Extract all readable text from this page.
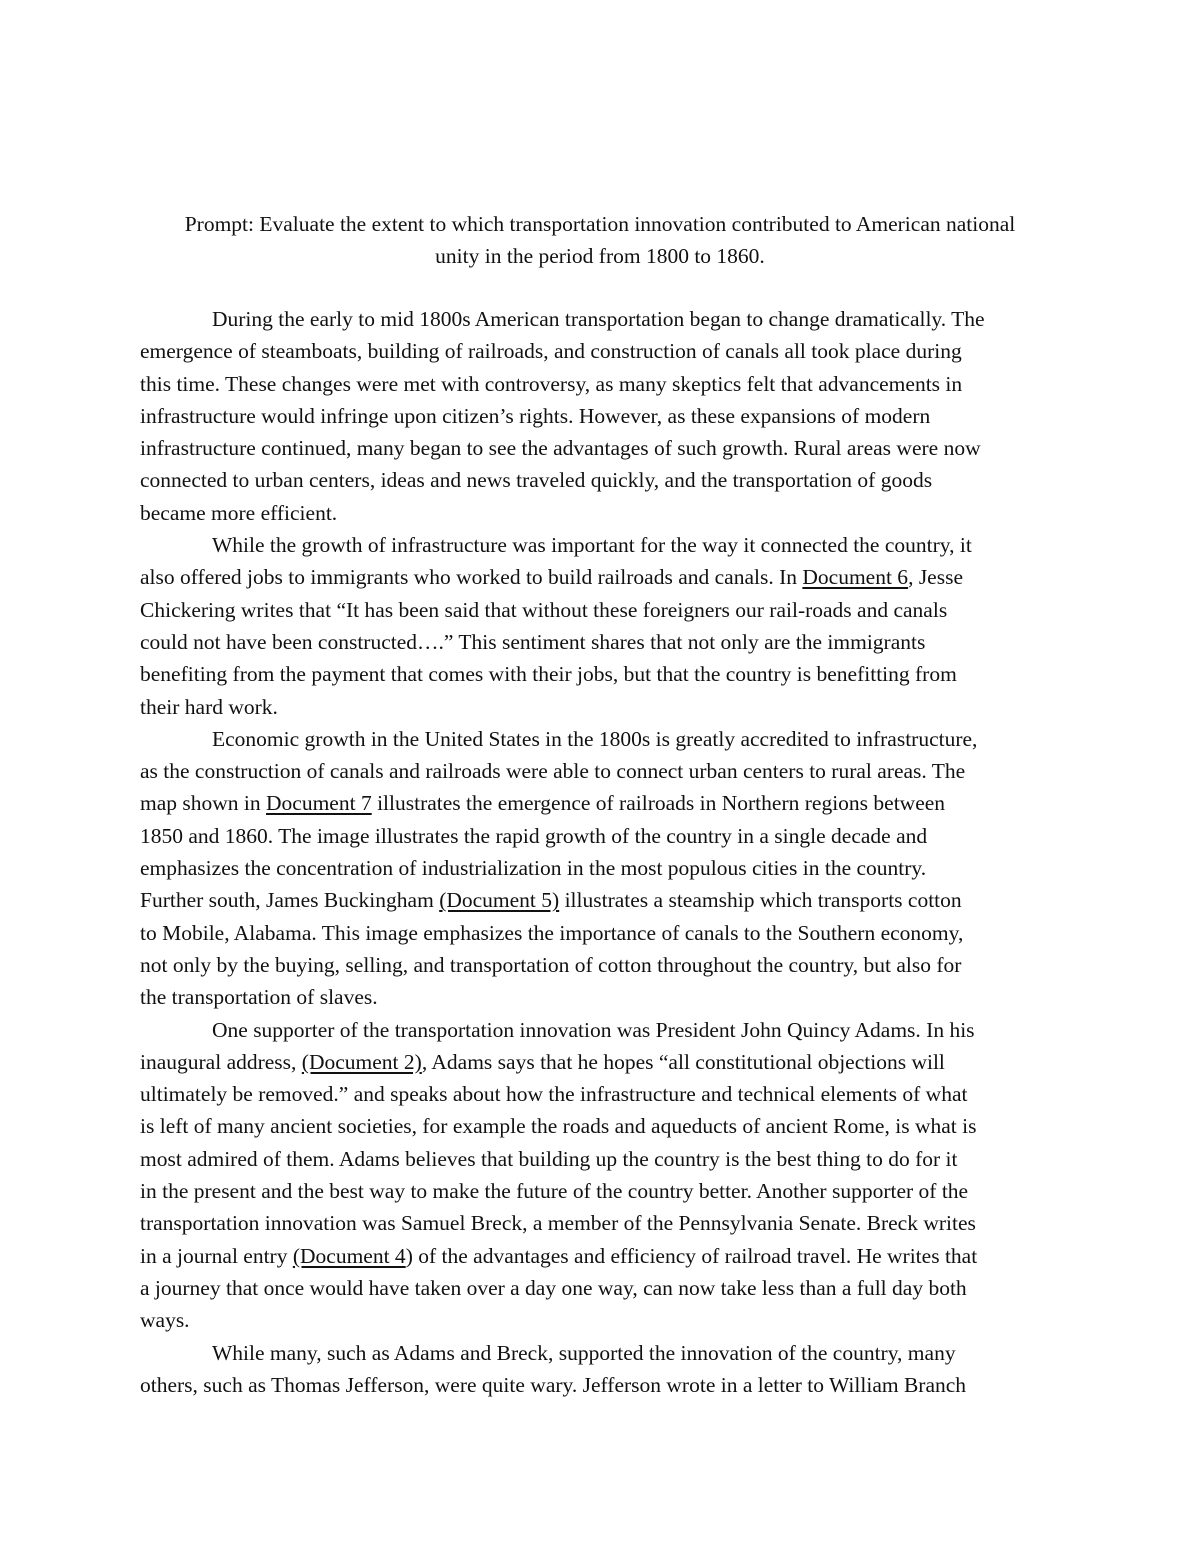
Prompt: Evaluate the extent to which transportation innovation contributed to American national
unity in the period from 1800 to 1860.
During the early to mid 1800s American transportation began to change dramatically. The
emergence of steamboats, building of railroads, and construction of canals all took place during
this time. These changes were met with controversy, as many skeptics felt that advancements in
infrastructure would infringe upon citizen’s rights. However, as these expansions of modern
infrastructure continued, many began to see the advantages of such growth. Rural areas were now
connected to urban centers, ideas and news traveled quickly, and the transportation of goods
became more efficient.
While the growth of infrastructure was important for the way it connected the country, it
also offered jobs to immigrants who worked to build railroads and canals. In Document 6, Jesse
Chickering writes that “It has been said that without these foreigners our rail-roads and canals
could not have been constructed….” This sentiment shares that not only are the immigrants
benefiting from the payment that comes with their jobs, but that the country is benefitting from
their hard work.
Economic growth in the United States in the 1800s is greatly accredited to infrastructure,
as the construction of canals and railroads were able to connect urban centers to rural areas. The
map shown in Document 7 illustrates the emergence of railroads in Northern regions between
1850 and 1860. The image illustrates the rapid growth of the country in a single decade and
emphasizes the concentration of industrialization in the most populous cities in the country.
Further south, James Buckingham (Document 5) illustrates a steamship which transports cotton
to Mobile, Alabama. This image emphasizes the importance of canals to the Southern economy,
not only by the buying, selling, and transportation of cotton throughout the country, but also for
the transportation of slaves.
One supporter of the transportation innovation was President John Quincy Adams. In his
inaugural address, (Document 2), Adams says that he hopes “all constitutional objections will
ultimately be removed.” and speaks about how the infrastructure and technical elements of what
is left of many ancient societies, for example the roads and aqueducts of ancient Rome, is what is
most admired of them. Adams believes that building up the country is the best thing to do for it
in the present and the best way to make the future of the country better. Another supporter of the
transportation innovation was Samuel Breck, a member of the Pennsylvania Senate. Breck writes
in a journal entry (Document 4) of the advantages and efficiency of railroad travel. He writes that
a journey that once would have taken over a day one way, can now take less than a full day both
ways.
While many, such as Adams and Breck, supported the innovation of the country, many
others, such as Thomas Jefferson, were quite wary. Jefferson wrote in a letter to William Branch
